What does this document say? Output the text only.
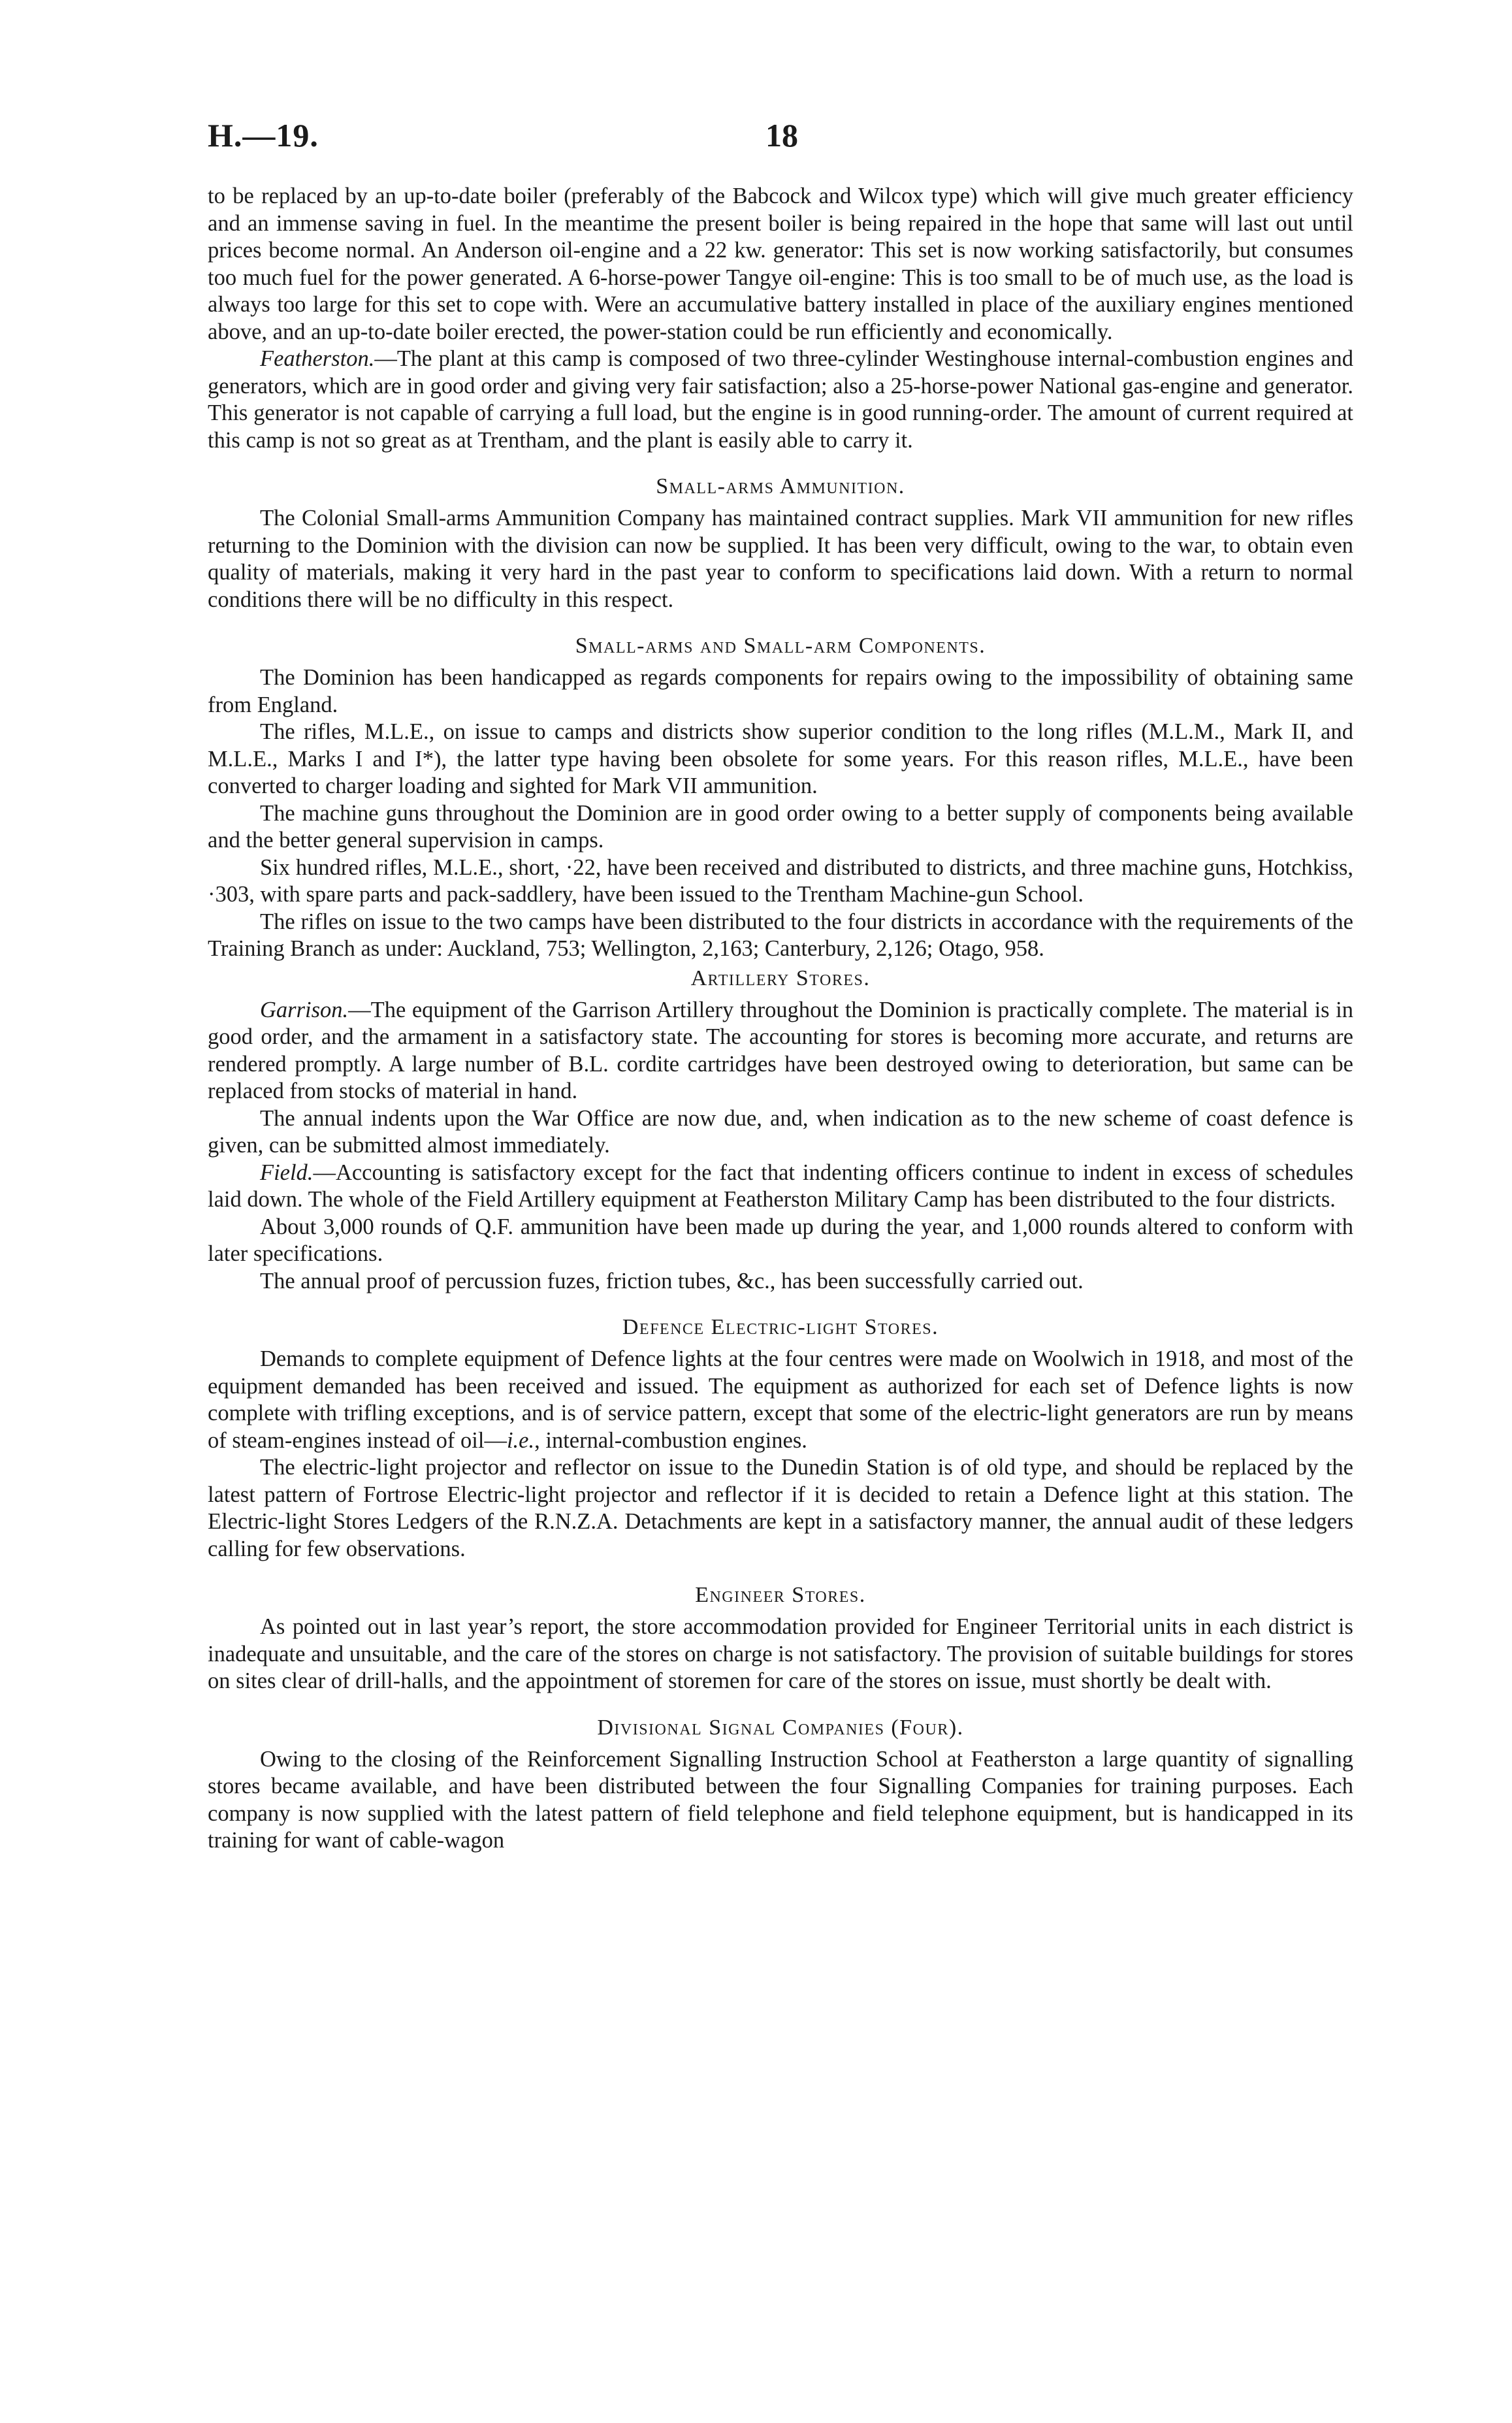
H.—19.	18

to be replaced by an up-to-date boiler (preferably of the Babcock and Wilcox type) which will give much greater efficiency and an immense saving in fuel. In the meantime the present boiler is being repaired in the hope that same will last out until prices become normal. An Anderson oil-engine and a 22 kw. generator: This set is now working satisfactorily, but consumes too much fuel for the power generated. A 6-horse-power Tangye oil-engine: This is too small to be of much use, as the load is always too large for this set to cope with. Were an accumulative battery installed in place of the auxiliary engines mentioned above, and an up-to-date boiler erected, the power-station could be run efficiently and economically.

Featherston.—The plant at this camp is composed of two three-cylinder Westinghouse internal-combustion engines and generators, which are in good order and giving very fair satisfaction; also a 25-horse-power National gas-engine and generator. This generator is not capable of carrying a full load, but the engine is in good running-order. The amount of current required at this camp is not so great as at Trentham, and the plant is easily able to carry it.

Small-arms Ammunition.

The Colonial Small-arms Ammunition Company has maintained contract supplies. Mark VII ammunition for new rifles returning to the Dominion with the division can now be supplied. It has been very difficult, owing to the war, to obtain even quality of materials, making it very hard in the past year to conform to specifications laid down. With a return to normal conditions there will be no difficulty in this respect.

Small-arms and Small-arm Components.

The Dominion has been handicapped as regards components for repairs owing to the impossibility of obtaining same from England.

The rifles, M.L.E., on issue to camps and districts show superior condition to the long rifles (M.L.M., Mark II, and M.L.E., Marks I and I*), the latter type having been obsolete for some years. For this reason rifles, M.L.E., have been converted to charger loading and sighted for Mark VII ammunition.

The machine guns throughout the Dominion are in good order owing to a better supply of components being available and the better general supervision in camps.

Six hundred rifles, M.L.E., short, ·22, have been received and distributed to districts, and three machine guns, Hotchkiss, ·303, with spare parts and pack-saddlery, have been issued to the Trentham Machine-gun School.

The rifles on issue to the two camps have been distributed to the four districts in accordance with the requirements of the Training Branch as under: Auckland, 753; Wellington, 2,163; Canterbury, 2,126; Otago, 958.

Artillery Stores.

Garrison.—The equipment of the Garrison Artillery throughout the Dominion is practically complete. The material is in good order, and the armament in a satisfactory state. The accounting for stores is becoming more accurate, and returns are rendered promptly. A large number of B.L. cordite cartridges have been destroyed owing to deterioration, but same can be replaced from stocks of material in hand.

The annual indents upon the War Office are now due, and, when indication as to the new scheme of coast defence is given, can be submitted almost immediately.

Field.—Accounting is satisfactory except for the fact that indenting officers continue to indent in excess of schedules laid down. The whole of the Field Artillery equipment at Featherston Military Camp has been distributed to the four districts.

About 3,000 rounds of Q.F. ammunition have been made up during the year, and 1,000 rounds altered to conform with later specifications.

The annual proof of percussion fuzes, friction tubes, &c., has been successfully carried out.

Defence Electric-light Stores.

Demands to complete equipment of Defence lights at the four centres were made on Woolwich in 1918, and most of the equipment demanded has been received and issued. The equipment as authorized for each set of Defence lights is now complete with trifling exceptions, and is of service pattern, except that some of the electric-light generators are run by means of steam-engines instead of oil—i.e., internal-combustion engines.

The electric-light projector and reflector on issue to the Dunedin Station is of old type, and should be replaced by the latest pattern of Fortrose Electric-light projector and reflector if it is decided to retain a Defence light at this station. The Electric-light Stores Ledgers of the R.N.Z.A. Detachments are kept in a satisfactory manner, the annual audit of these ledgers calling for few observations.

Engineer Stores.

As pointed out in last year’s report, the store accommodation provided for Engineer Territorial units in each district is inadequate and unsuitable, and the care of the stores on charge is not satisfactory. The provision of suitable buildings for stores on sites clear of drill-halls, and the appointment of storemen for care of the stores on issue, must shortly be dealt with.

Divisional Signal Companies (Four).

Owing to the closing of the Reinforcement Signalling Instruction School at Featherston a large quantity of signalling stores became available, and have been distributed between the four Signalling Companies for training purposes. Each company is now supplied with the latest pattern of field telephone and field telephone equipment, but is handicapped in its training for want of cable-wagon
